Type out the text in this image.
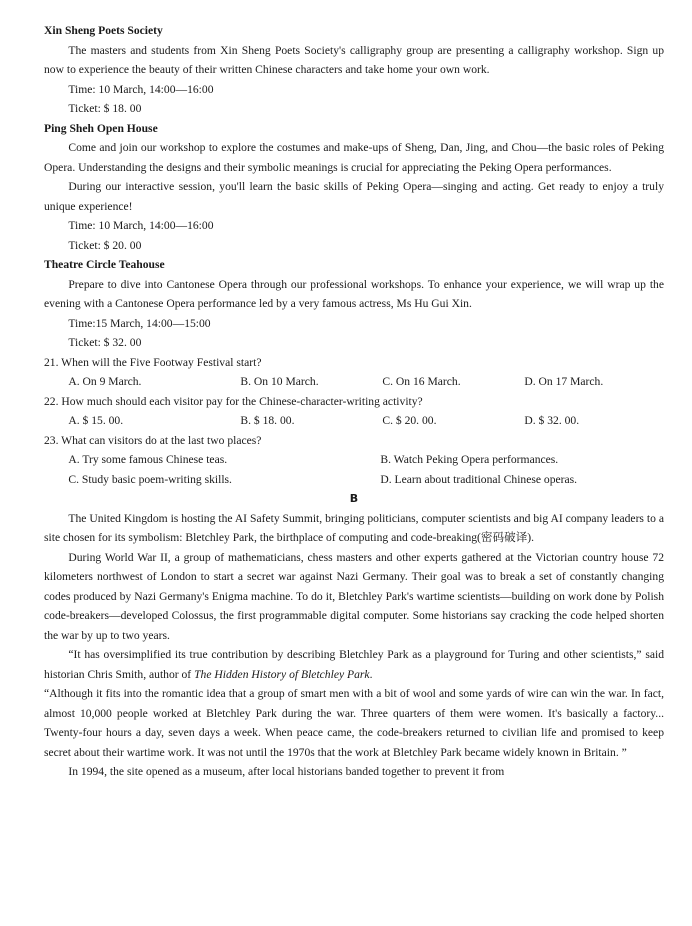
Xin Sheng Poets Society

The masters and students from Xin Sheng Poets Society's calligraphy group are presenting a calligraphy workshop. Sign up now to experience the beauty of their written Chinese characters and take home your own work.

Time: 10 March, 14:00—16:00

Ticket: $ 18. 00

Ping Sheh Open House

Come and join our workshop to explore the costumes and make-ups of Sheng, Dan, Jing, and Chou—the basic roles of Peking Opera. Understanding the designs and their symbolic meanings is crucial for appreciating the Peking Opera performances.

During our interactive session, you'll learn the basic skills of Peking Opera—singing and acting. Get ready to enjoy a truly unique experience!

Time: 10 March, 14:00—16:00

Ticket: $ 20. 00

Theatre Circle Teahouse

Prepare to dive into Cantonese Opera through our professional workshops. To enhance your experience, we will wrap up the evening with a Cantonese Opera performance led by a very famous actress, Ms Hu Gui Xin.

Time:15 March, 14:00—15:00

Ticket: $ 32. 00

21. When will the Five Footway Festival start?

A. On 9 March.	B. On 10 March.	C. On 16 March.	D. On 17 March.

22. How much should each visitor pay for the Chinese-character-writing activity?

A. $ 15. 00.	B. $ 18. 00.	C. $ 20. 00.	D. $ 32. 00.

23. What can visitors do at the last two places?

A. Try some famous Chinese teas.	B. Watch Peking Opera performances.
C. Study basic poem-writing skills.	D. Learn about traditional Chinese operas.

B

The United Kingdom is hosting the AI Safety Summit, bringing politicians, computer scientists and big AI company leaders to a site chosen for its symbolism: Bletchley Park, the birthplace of computing and code-breaking(密码破译).

During World War II, a group of mathematicians, chess masters and other experts gathered at the Victorian country house 72 kilometers northwest of London to start a secret war against Nazi Germany. Their goal was to break a set of constantly changing codes produced by Nazi Germany's Enigma machine. To do it, Bletchley Park's wartime scientists—building on work done by Polish code-breakers—developed Colossus, the first programmable digital computer. Some historians say cracking the code helped shorten the war by up to two years.

“It has oversimplified its true contribution by describing Bletchley Park as a playground for Turing and other scientists,” said historian Chris Smith, author of The Hidden History of Bletchley Park.

“Although it fits into the romantic idea that a group of smart men with a bit of wool and some yards of wire can win the war. In fact, almost 10,000 people worked at Bletchley Park during the war. Three quarters of them were women. It's basically a factory... Twenty-four hours a day, seven days a week. When peace came, the code-breakers returned to civilian life and promised to keep secret about their wartime work. It was not until the 1970s that the work at Bletchley Park became widely known in Britain. ”

In 1994, the site opened as a museum, after local historians banded together to prevent it from
